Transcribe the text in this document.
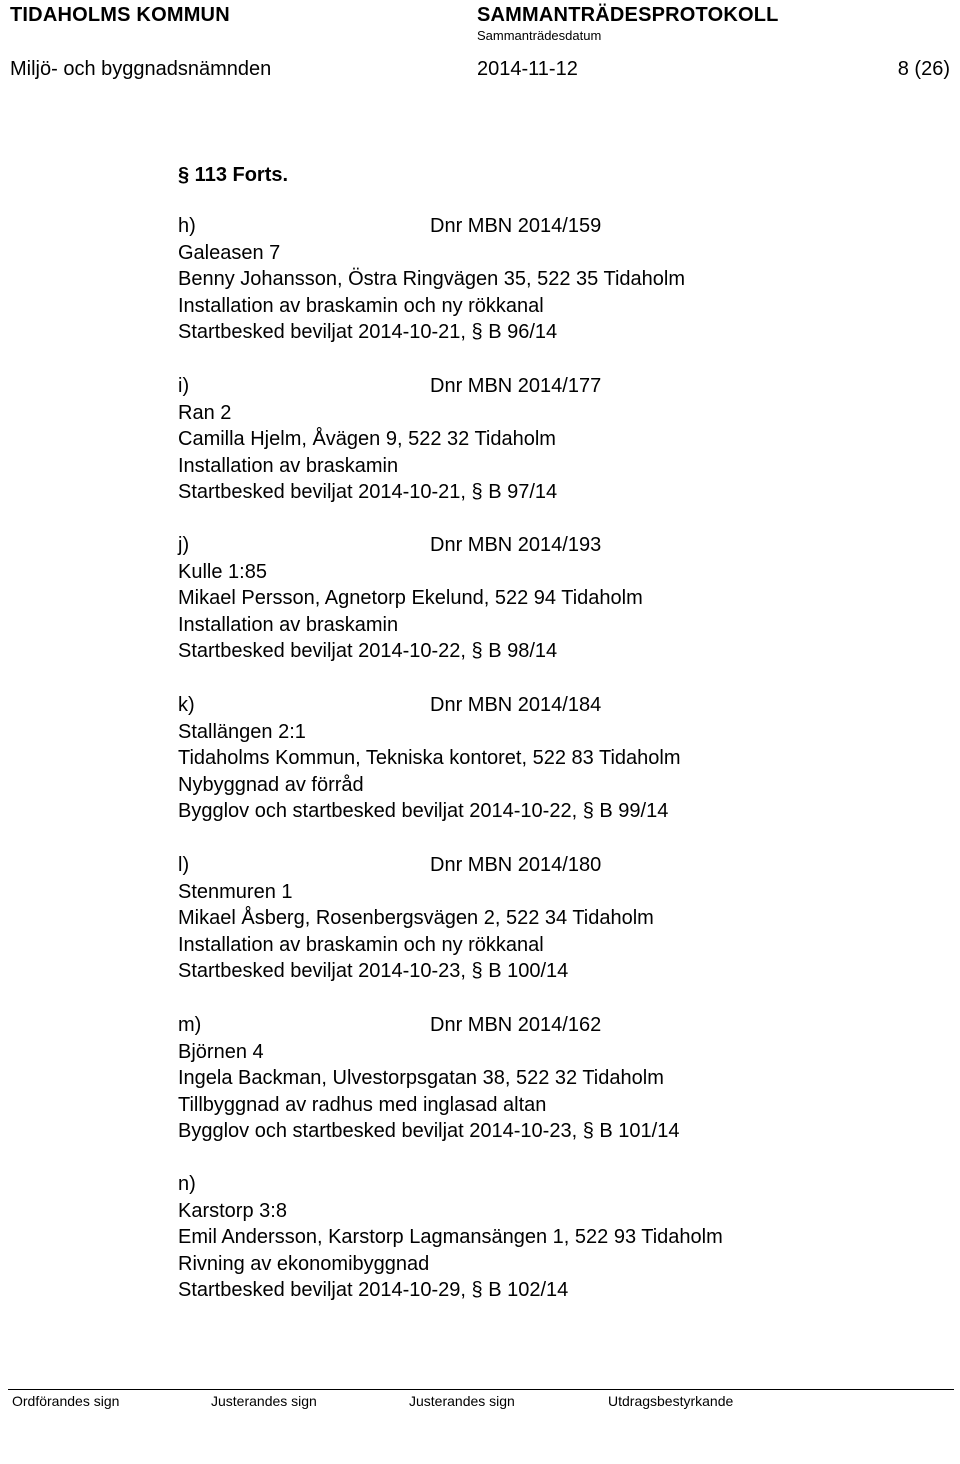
TIDAHOLMS KOMMUN	SAMMANTRÄDESPROTOKOLL
Sammanträdesdatum
Miljö- och byggnadsnämnden	2014-11-12	8 (26)
§ 113 Forts.
h)	Dnr MBN 2014/159
Galeasen 7
Benny Johansson, Östra Ringvägen 35, 522 35 Tidaholm
Installation av braskamin och ny rökkanal
Startbesked beviljat 2014-10-21, § B 96/14
i)	Dnr MBN 2014/177
Ran 2
Camilla Hjelm, Åvägen 9, 522 32 Tidaholm
Installation av braskamin
Startbesked beviljat 2014-10-21, § B 97/14
j)	Dnr MBN 2014/193
Kulle 1:85
Mikael Persson, Agnetorp Ekelund, 522 94 Tidaholm
Installation av braskamin
Startbesked beviljat 2014-10-22, § B 98/14
k)	Dnr MBN 2014/184
Stallängen 2:1
Tidaholms Kommun, Tekniska kontoret, 522 83 Tidaholm
Nybyggnad av förråd
Bygglov och startbesked beviljat 2014-10-22, § B 99/14
l)	Dnr MBN 2014/180
Stenmuren 1
Mikael Åsberg, Rosenbergsvägen 2, 522 34 Tidaholm
Installation av braskamin och ny rökkanal
Startbesked beviljat 2014-10-23, § B 100/14
m)	Dnr MBN 2014/162
Björnen 4
Ingela Backman, Ulvestorpsgatan 38, 522 32 Tidaholm
Tillbyggnad av radhus med inglasad altan
Bygglov och startbesked beviljat 2014-10-23, § B 101/14
n)
Karstorp 3:8
Emil Andersson, Karstorp Lagmansängen 1, 522 93 Tidaholm
Rivning av ekonomibyggnad
Startbesked beviljat 2014-10-29, § B 102/14
Ordförandes sign	Justerandes sign	Justerandes sign	Utdragsbestyrkande
